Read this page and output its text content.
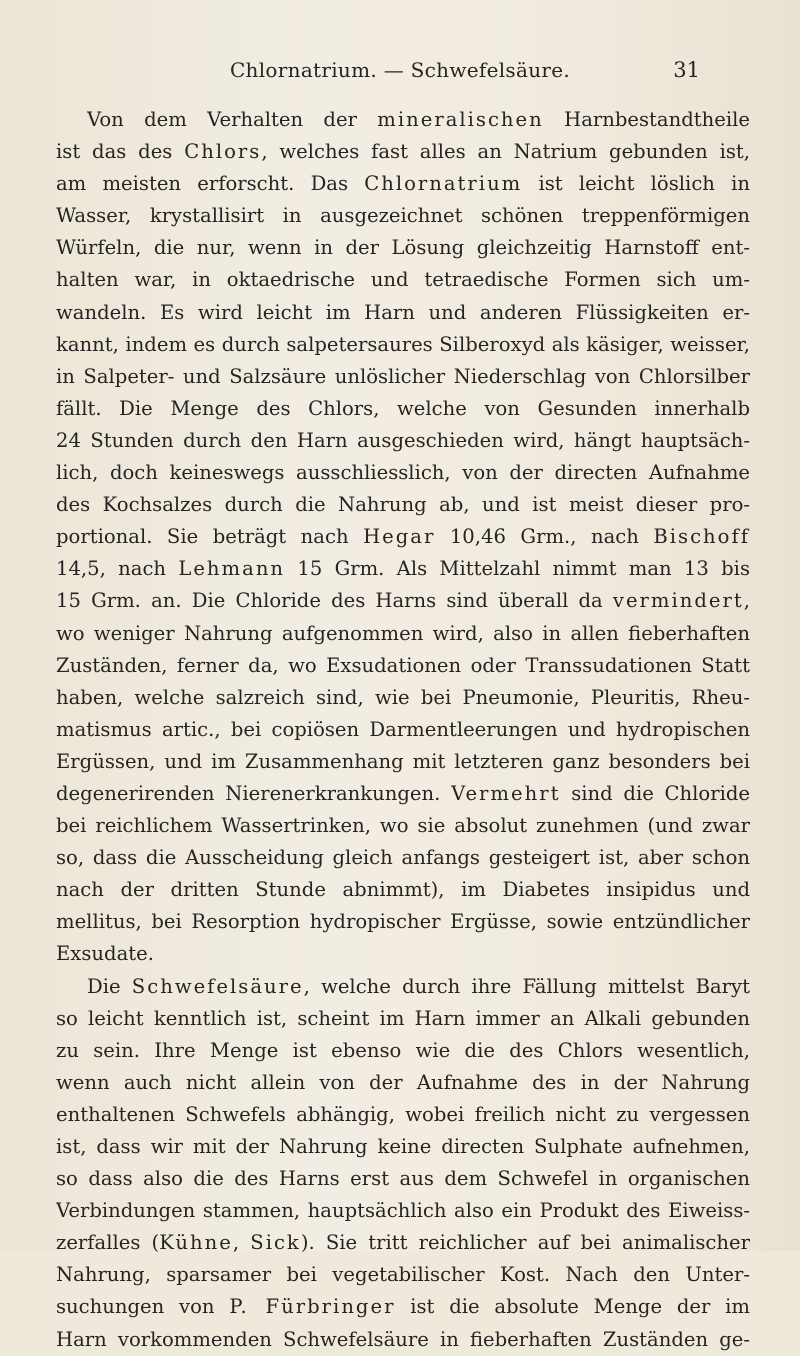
Chlornatrium. — Schwefelsäure.	31
Von dem Verhalten der mineralischen Harnbestandtheile
ist das des Chlors, welches fast alles an Natrium gebunden ist,
am meisten erforscht. Das Chlornatrium ist leicht löslich in
Wasser, krystallisirt in ausgezeichnet schönen treppenförmigen
Würfeln, die nur, wenn in der Lösung gleichzeitig Harnstoff ent-
halten war, in oktaedrische und tetraedische Formen sich um-
wandeln. Es wird leicht im Harn und anderen Flüssigkeiten er-
kannt, indem es durch salpetersaures Silberoxyd als käsiger, weisser,
in Salpeter- und Salzsäure unlöslicher Niederschlag von Chlorsilber
fällt. Die Menge des Chlors, welche von Gesunden innerhalb
24 Stunden durch den Harn ausgeschieden wird, hängt hauptsäch-
lich, doch keineswegs ausschliesslich, von der directen Aufnahme
des Kochsalzes durch die Nahrung ab, und ist meist dieser pro-
portional. Sie beträgt nach Hegar 10,46 Grm., nach Bischoff
14,5, nach Lehmann 15 Grm. Als Mittelzahl nimmt man 13 bis
15 Grm. an. Die Chloride des Harns sind überall da vermindert,
wo weniger Nahrung aufgenommen wird, also in allen fieberhaften
Zuständen, ferner da, wo Exsudationen oder Transsudationen Statt
haben, welche salzreich sind, wie bei Pneumonie, Pleuritis, Rheu-
matismus artic., bei copiösen Darmentleerungen und hydropischen
Ergüssen, und im Zusammenhang mit letzteren ganz besonders bei
degenerirenden Nierenerkrankungen. Vermehrt sind die Chloride
bei reichlichem Wassertrinken, wo sie absolut zunehmen (und zwar
so, dass die Ausscheidung gleich anfangs gesteigert ist, aber schon
nach der dritten Stunde abnimmt), im Diabetes insipidus und
mellitus, bei Resorption hydropischer Ergüsse, sowie entzündlicher
Exsudate.
Die Schwefelsäure, welche durch ihre Fällung mittelst Baryt
so leicht kenntlich ist, scheint im Harn immer an Alkali gebunden
zu sein. Ihre Menge ist ebenso wie die des Chlors wesentlich,
wenn auch nicht allein von der Aufnahme des in der Nahrung
enthaltenen Schwefels abhängig, wobei freilich nicht zu vergessen
ist, dass wir mit der Nahrung keine directen Sulphate aufnehmen,
so dass also die des Harns erst aus dem Schwefel in organischen
Verbindungen stammen, hauptsächlich also ein Produkt des Eiweiss-
zerfalles (Kühne, Sick). Sie tritt reichlicher auf bei animalischer
Nahrung, sparsamer bei vegetabilischer Kost. Nach den Unter-
suchungen von P. Fürbringer ist die absolute Menge der im
Harn vorkommenden Schwefelsäure in fieberhaften Zuständen ge-
